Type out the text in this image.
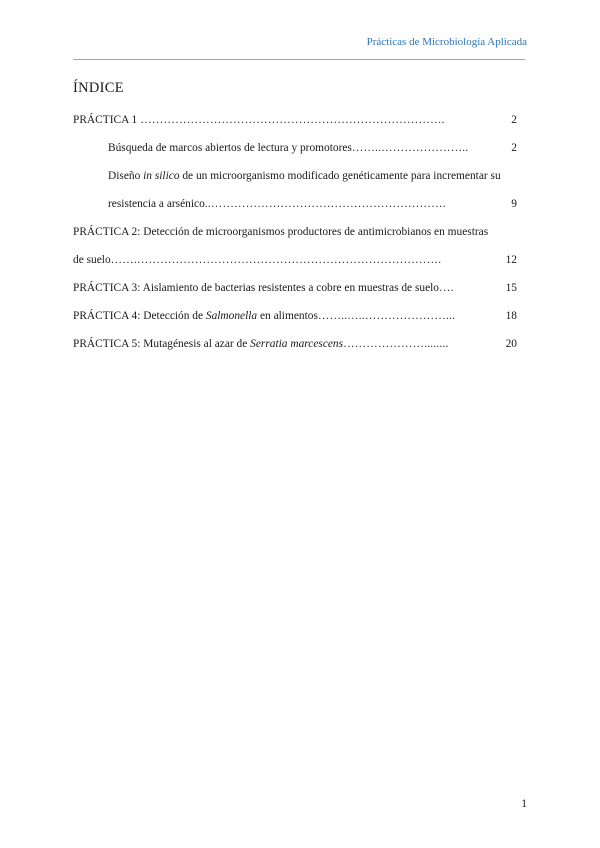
Prácticas de Microbiología Aplicada
ÍNDICE
PRÁCTICA 1 …………………………………………………………………….	2
Búsqueda de marcos abiertos de lectura y promotores……..…………………..	2
Diseño in silico de un microorganismo modificado genéticamente para incrementar su
resistencia a arsénico..…………………………………………………….	9
PRÁCTICA 2: Detección de microorganismos productores de antimicrobianos en muestras
de suelo…….…………………………………………………………………….	12
PRÁCTICA 3: Aislamiento de bacterias resistentes a cobre en muestras de suelo….	15
PRÁCTICA 4: Detección de Salmonella en alimentos……..…..…………………...	18
PRÁCTICA 5: Mutagénesis al azar de Serratia marcescens…………………........	20
1
